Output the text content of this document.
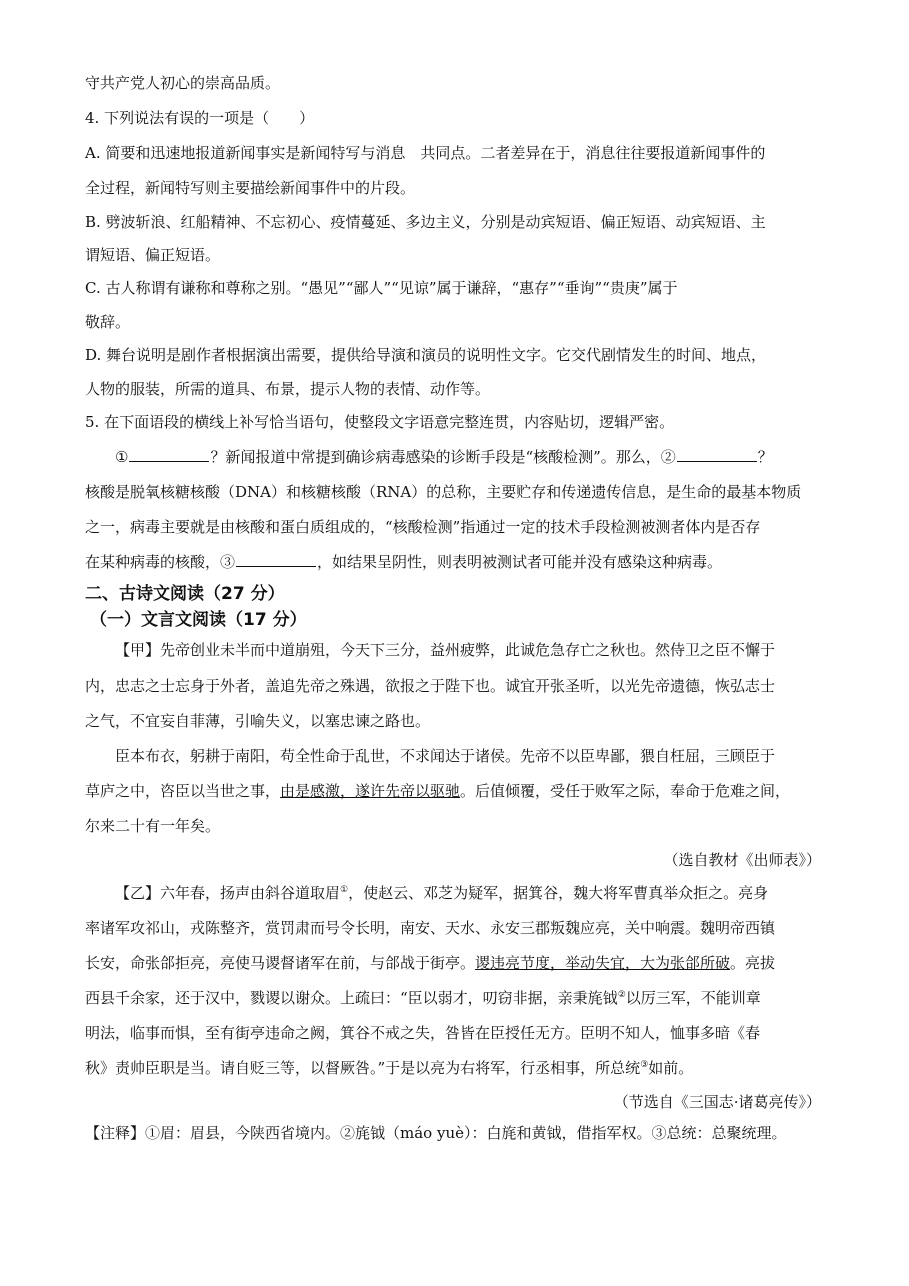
守共产党人初心的崇高品质。
4. 下列说法有误的一项是（　　）
A. 简要和迅速地报道新闻事实是新闻特写与消息　共同点。二者差异在于，消息往往要报道新闻事件的
全过程，新闻特写则主要描绘新闻事件中的片段。
B. 劈波斩浪、红船精神、不忘初心、疫情蔓延、多边主义，分别是动宾短语、偏正短语、动宾短语、主
谓短语、偏正短语。
C. 古人称谓有谦称和尊称之别。“愚见”“鄙人”“见谅”属于谦辞，“惠存”“垂询”“贵庚”属于
敬辞。
D. 舞台说明是剧作者根据演出需要，提供给导演和演员的说明性文字。它交代剧情发生的时间、地点，
人物的服装，所需的道具、布景，提示人物的表情、动作等。
5. 在下面语段的横线上补写恰当语句，使整段文字语意完整连贯，内容贴切，逻辑严密。
①	？新闻报道中常提到确诊病毒感染的诊断手段是“核酸检测”。那么，②	？
核酸是脱氧核糖核酸（DNA）和核糖核酸（RNA）的总称，主要贮存和传递遗传信息，是生命的最基本物质
之一，病毒主要就是由核酸和蛋白质组成的，“核酸检测”指通过一定的技术手段检测被测者体内是否存
在某种病毒的核酸，③	，如结果呈阴性，则表明被测试者可能并没有感染这种病毒。
二、古诗文阅读（27 分）
（一）文言文阅读（17 分）
【甲】先帝创业未半而中道崩殂，今天下三分，益州疲弊，此诚危急存亡之秋也。然侍卫之臣不懈于
内，忠志之士忘身于外者，盖追先帝之殊遇，欲报之于陛下也。诚宜开张圣听，以光先帝遗德，恢弘志士
之气，不宜妄自菲薄，引喻失义，以塞忠谏之路也。
臣本布衣，躬耕于南阳，苟全性命于乱世，不求闻达于诸侯。先帝不以臣卑鄙，猥自枉屈，三顾臣于
草庐之中，咨臣以当世之事，由是感激，遂许先帝以驱驰。后值倾覆，受任于败军之际，奉命于危难之间，
尔来二十有一年矣。
（选自教材《出师表》）
【乙】六年春，扬声由斜谷道取眉①，使赵云、邓芝为疑军，据箕谷，魏大将军曹真举众拒之。亮身
率诸军攻祁山，戎陈整齐，赏罚肃而号令长明，南安、天水、永安三郡叛魏应亮，关中响震。魏明帝西镇
长安，命张郃拒亮，亮使马谡督诸军在前，与郃战于街亭。谡违亮节度，举动失宜，大为张郃所破。亮拔
西县千余家，还于汉中，戮谡以谢众。上疏曰：“臣以弱才，叨窃非据，亲秉旄钺②以厉三军，不能训章
明法，临事而惧，至有街亭违命之阙，箕谷不戒之失，咎皆在臣授任无方。臣明不知人，恤事多暗《春
秋》责帅臣职是当。请自贬三等，以督厥咎。”于是以亮为右将军，行丞相事，所总统③如前。
（节选自《三国志·诸葛亮传》）
【注释】①眉：眉县，今陕西省境内。②旄钺（máo yuè）：白旄和黄钺，借指军权。③总统：总聚统理。
